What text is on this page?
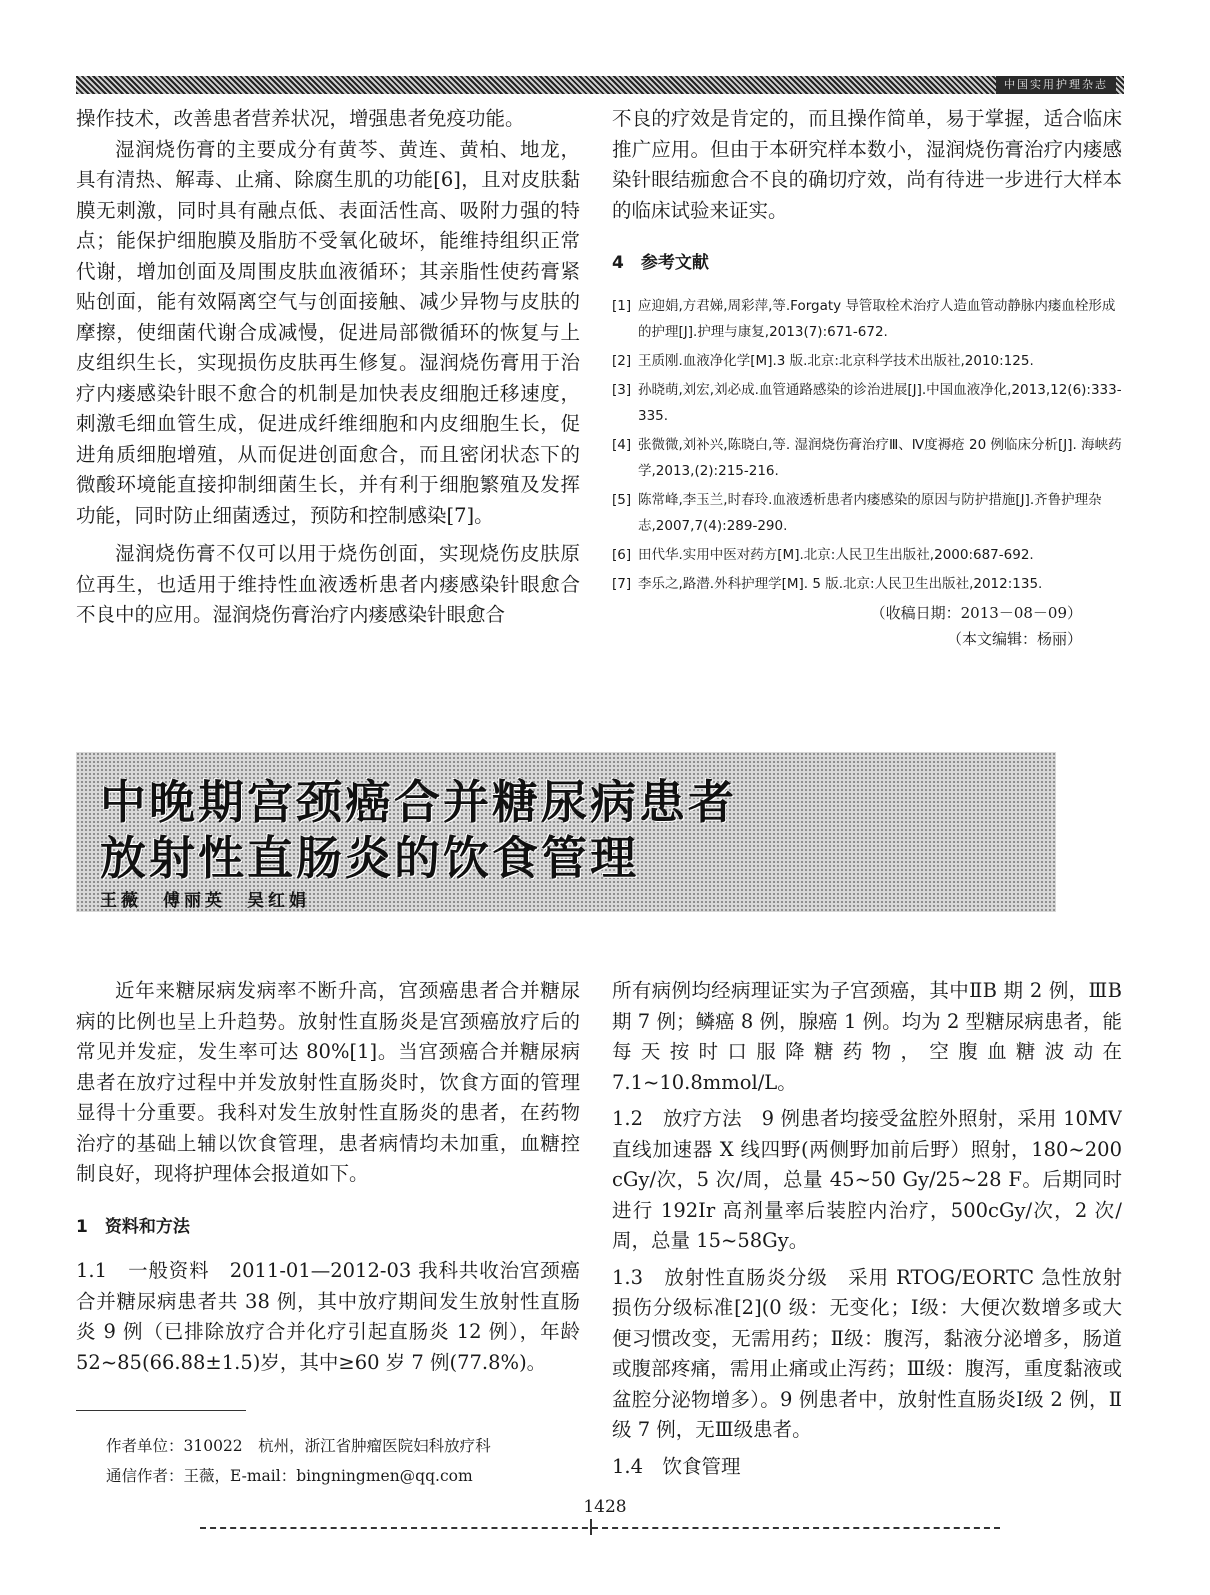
中国实用护理杂志

操作技术，改善患者营养状况，增强患者免疫功能。

湿润烧伤膏的主要成分有黄芩、黄连、黄柏、地龙，具有清热、解毒、止痛、除腐生肌的功能[6]，且对皮肤黏膜无刺激，同时具有融点低、表面活性高、吸附力强的特点；能保护细胞膜及脂肪不受氧化破坏，能维持组织正常代谢，增加创面及周围皮肤血液循环；其亲脂性使药膏紧贴创面，能有效隔离空气与创面接触、减少异物与皮肤的摩擦，使细菌代谢合成减慢，促进局部微循环的恢复与上皮组织生长，实现损伤皮肤再生修复。湿润烧伤膏用于治疗内瘘感染针眼不愈合的机制是加快表皮细胞迁移速度，刺激毛细血管生成，促进成纤维细胞和内皮细胞生长，促进角质细胞增殖，从而促进创面愈合，而且密闭状态下的微酸环境能直接抑制细菌生长，并有利于细胞繁殖及发挥功能，同时防止细菌透过，预防和控制感染[7]。

湿润烧伤膏不仅可以用于烧伤创面，实现烧伤皮肤原位再生，也适用于维持性血液透析患者内瘘感染针眼愈合不良中的应用。湿润烧伤膏治疗内瘘感染针眼愈合

不良的疗效是肯定的，而且操作简单，易于掌握，适合临床推广应用。但由于本研究样本数小，湿润烧伤膏治疗内瘘感染针眼结痂愈合不良的确切疗效，尚有待进一步进行大样本的临床试验来证实。

4　参考文献

[1] 应迎娟,方君娣,周彩萍,等.Forgaty 导管取栓术治疗人造血管动静脉内瘘血栓形成的护理[J].护理与康复,2013(7):671-672.
[2] 王质刚.血液净化学[M].3 版.北京:北京科学技术出版社,2010:125.
[3] 孙晓萌,刘宏,刘必成.血管通路感染的诊治进展[J].中国血液净化,2013,12(6):333-335.
[4] 张微微,刘补兴,陈晓白,等. 湿润烧伤膏治疗Ⅲ、Ⅳ度褥疮 20 例临床分析[J]. 海峡药学,2013,(2):215-216.
[5] 陈常峰,李玉兰,时春玲.血液透析患者内瘘感染的原因与防护措施[J].齐鲁护理杂志,2007,7(4):289-290.
[6] 田代华.实用中医对药方[M].北京:人民卫生出版社,2000:687-692.
[7] 李乐之,路潜.外科护理学[M]. 5 版.北京:人民卫生出版社,2012:135.

（收稿日期：2013－08－09）

（本文编辑：杨丽）

中晚期宫颈癌合并糖尿病患者
放射性直肠炎的饮食管理
王薇　傅丽英　吴红娟

近年来糖尿病发病率不断升高，宫颈癌患者合并糖尿病的比例也呈上升趋势。放射性直肠炎是宫颈癌放疗后的常见并发症，发生率可达 80%[1]。当宫颈癌合并糖尿病患者在放疗过程中并发放射性直肠炎时，饮食方面的管理显得十分重要。我科对发生放射性直肠炎的患者，在药物治疗的基础上辅以饮食管理，患者病情均未加重，血糖控制良好，现将护理体会报道如下。

1　资料和方法

1.1　一般资料　2011-01—2012-03 我科共收治宫颈癌合并糖尿病患者共 38 例，其中放疗期间发生放射性直肠炎 9 例（已排除放疗合并化疗引起直肠炎 12 例），年龄 52~85(66.88±1.5)岁，其中≥60 岁 7 例(77.8%)。

所有病例均经病理证实为子宫颈癌，其中ⅡB 期 2 例，ⅢB 期 7 例；鳞癌 8 例，腺癌 1 例。均为 2 型糖尿病患者，能每天按时口服降糖药物，空腹血糖波动在 7.1~10.8mmol/L。

1.2　放疗方法　9 例患者均接受盆腔外照射，采用 10MV 直线加速器 X 线四野(两侧野加前后野）照射，180~200 cGy/次，5 次/周，总量 45~50 Gy/25~28 F。后期同时进行 192Ir 高剂量率后装腔内治疗，500cGy/次，2 次/周，总量 15~58Gy。

1.3　放射性直肠炎分级　采用 RTOG/EORTC 急性放射损伤分级标准[2](0 级：无变化；Ⅰ级：大便次数增多或大便习惯改变，无需用药；Ⅱ级：腹泻，黏液分泌增多，肠道或腹部疼痛，需用止痛或止泻药；Ⅲ级：腹泻，重度黏液或盆腔分泌物增多）。9 例患者中，放射性直肠炎Ⅰ级 2 例，Ⅱ级 7 例，无Ⅲ级患者。

1.4　饮食管理

作者单位：310022　杭州，浙江省肿瘤医院妇科放疗科
通信作者：王薇，E-mail：bingningmen@qq.com
1428
